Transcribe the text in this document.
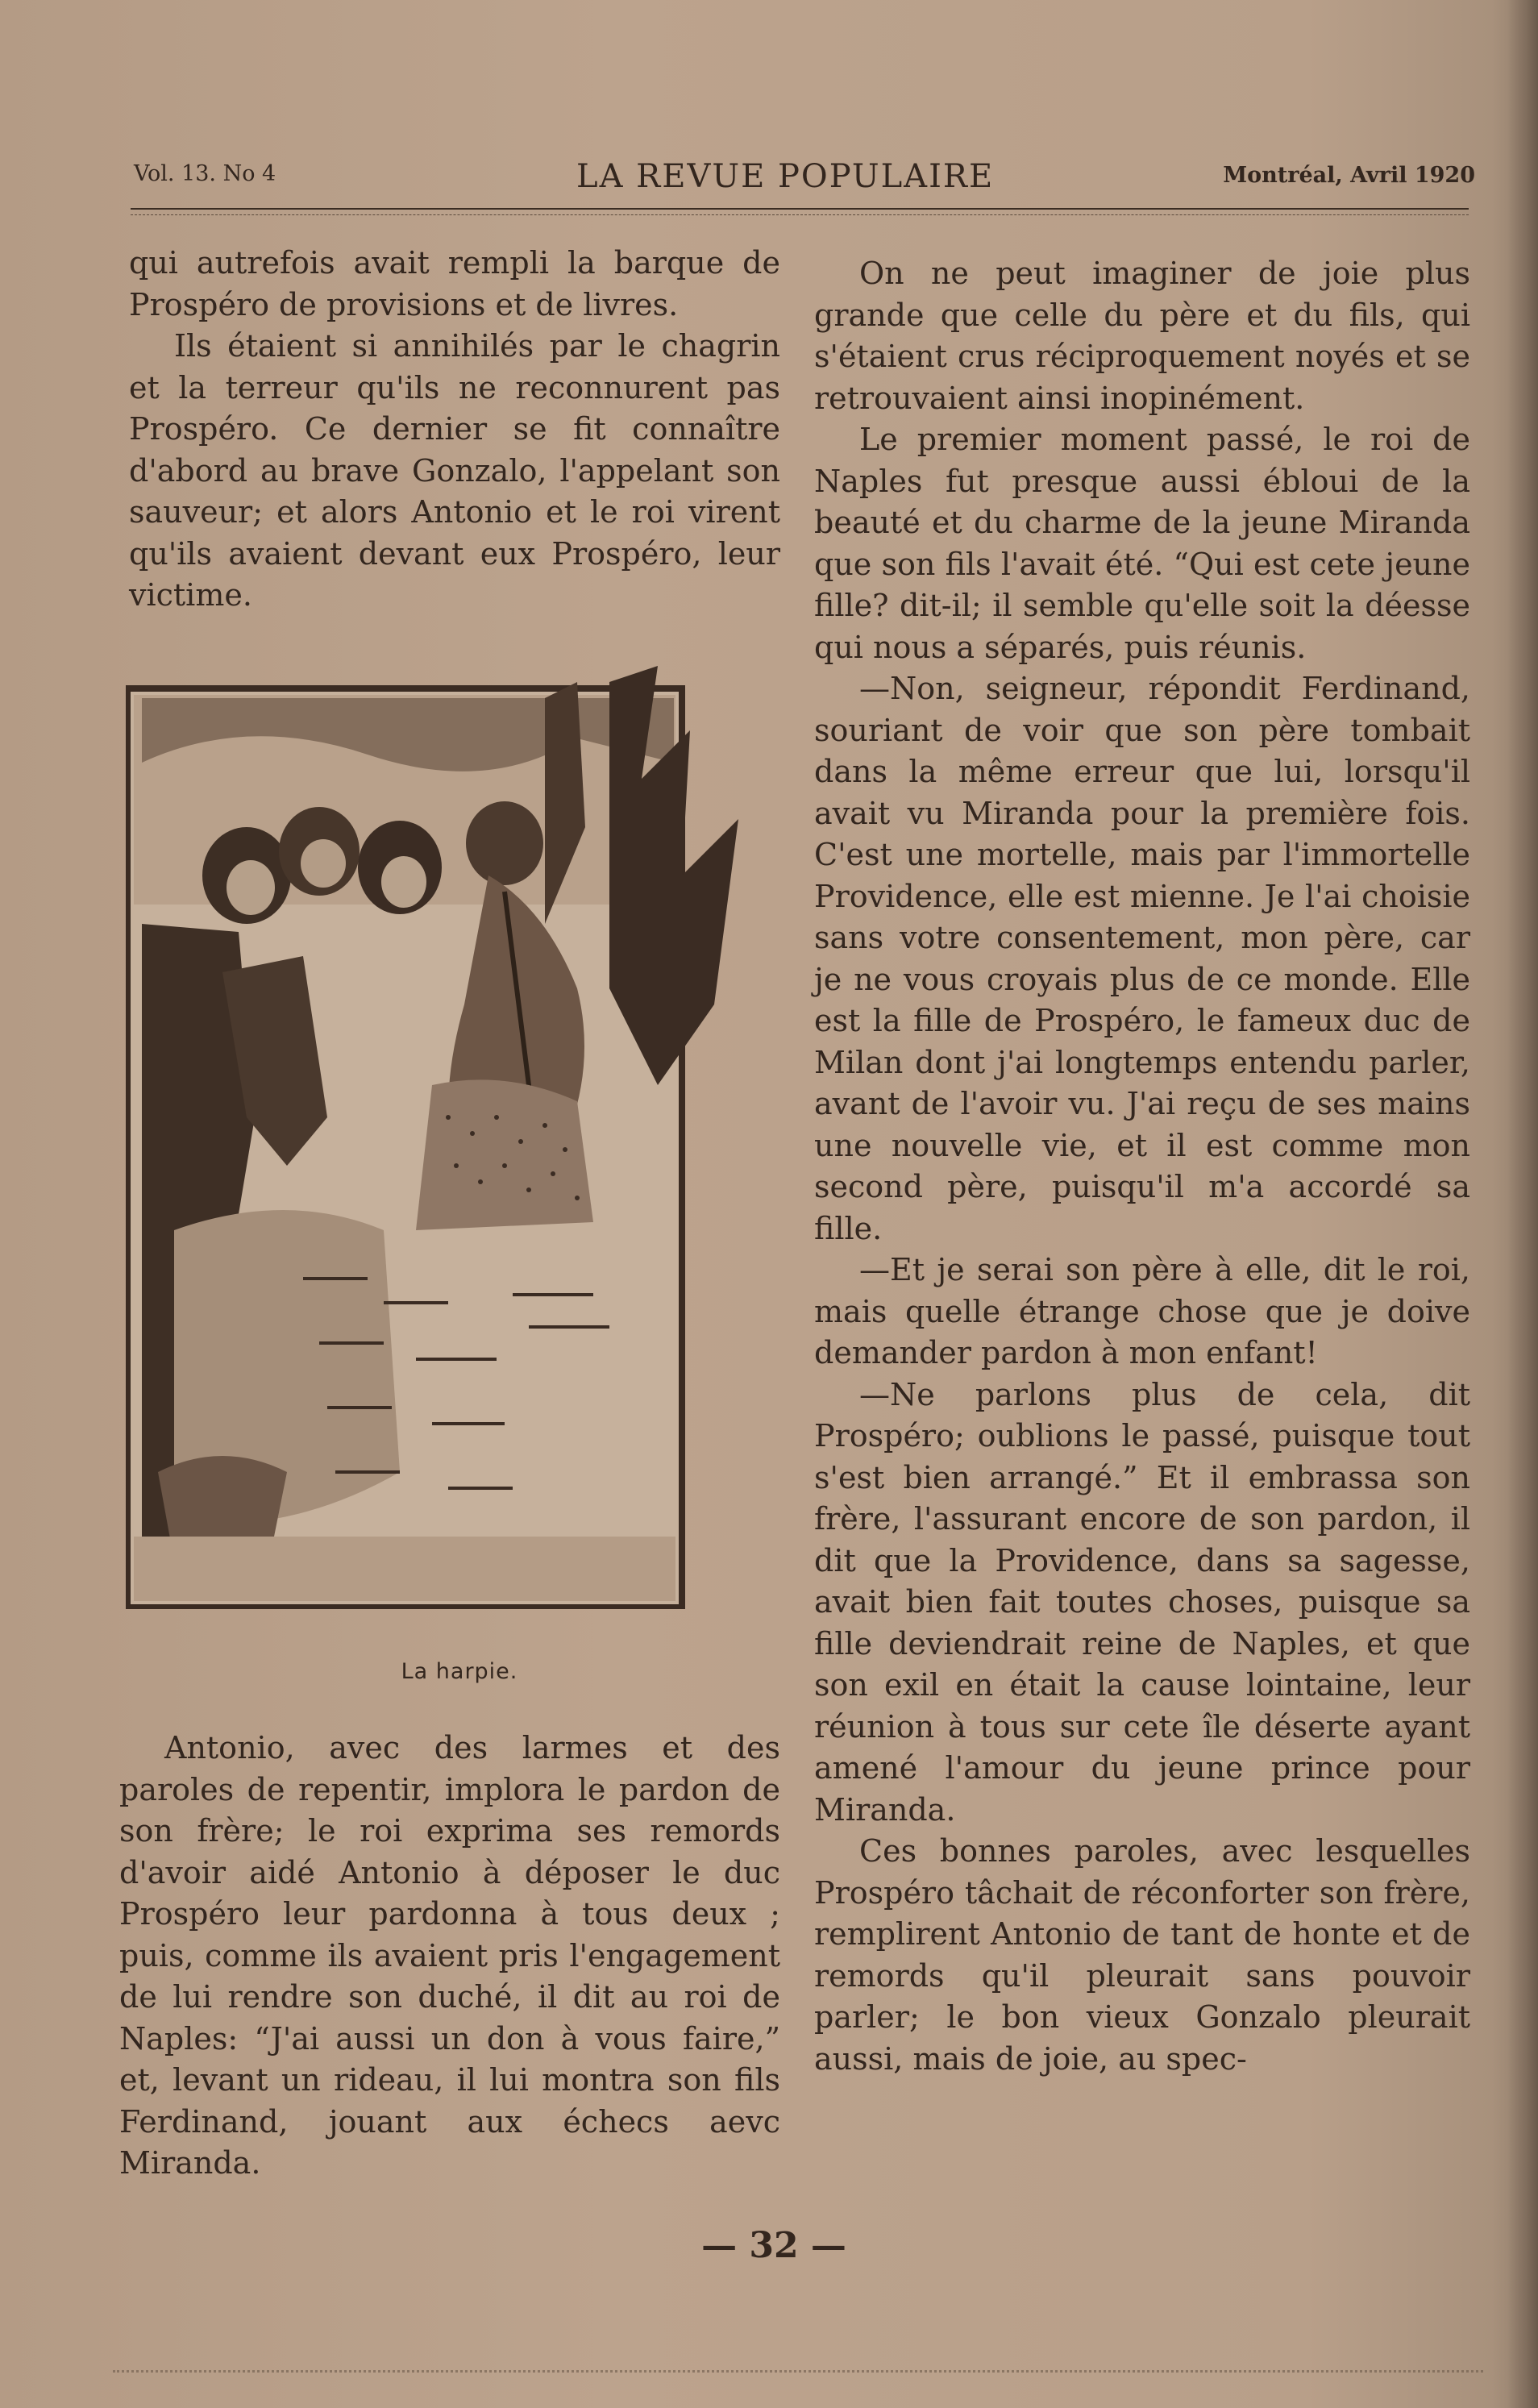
Vol. 13. No 4	LA REVUE POPULAIRE	Montréal, Avril 1920

qui autrefois avait rempli la barque de Prospéro de provisions et de livres.

Ils étaient si annihilés par le chagrin et la terreur qu'ils ne reconnurent pas Prospéro. Ce dernier se fit connaître d'abord au brave Gonzalo, l'appelant son sauveur; et alors Antonio et le roi virent qu'ils avaient devant eux Prospéro, leur victime.

La harpie.

Antonio, avec des larmes et des paroles de repentir, implora le pardon de son frère; le roi exprima ses remords d'avoir aidé Antonio à déposer le duc Prospéro leur pardonna à tous deux ; puis, comme ils avaient pris l'engagement de lui rendre son duché, il dit au roi de Naples: “J'ai aussi un don à vous faire,” et, levant un rideau, il lui montra son fils Ferdinand, jouant aux échecs aevc Miranda.

On ne peut imaginer de joie plus grande que celle du père et du fils, qui s'étaient crus réciproquement noyés et se retrouvaient ainsi inopinément.

Le premier moment passé, le roi de Naples fut presque aussi ébloui de la beauté et du charme de la jeune Miranda que son fils l'avait été. “Qui est cete jeune fille? dit-il; il semble qu'elle soit la déesse qui nous a séparés, puis réunis.

—Non, seigneur, répondit Ferdinand, souriant de voir que son père tombait dans la même erreur que lui, lorsqu'il avait vu Miranda pour la première fois. C'est une mortelle, mais par l'immortelle Providence, elle est mienne. Je l'ai choisie sans votre consentement, mon père, car je ne vous croyais plus de ce monde. Elle est la fille de Prospéro, le fameux duc de Milan dont j'ai longtemps entendu parler, avant de l'avoir vu. J'ai reçu de ses mains une nouvelle vie, et il est comme mon second père, puisqu'il m'a accordé sa fille.

—Et je serai son père à elle, dit le roi, mais quelle étrange chose que je doive demander pardon à mon enfant!

—Ne parlons plus de cela, dit Prospéro; oublions le passé, puisque tout s'est bien arrangé.” Et il embrassa son frère, l'assurant encore de son pardon, il dit que la Providence, dans sa sagesse, avait bien fait toutes choses, puisque sa fille deviendrait reine de Naples, et que son exil en était la cause lointaine, leur réunion à tous sur cete île déserte ayant amené l'amour du jeune prince pour Miranda.

Ces bonnes paroles, avec lesquelles Prospéro tâchait de réconforter son frère, remplirent Antonio de tant de honte et de remords qu'il pleurait sans pouvoir parler; le bon vieux Gonzalo pleurait aussi, mais de joie, au spec-

— 32 —
